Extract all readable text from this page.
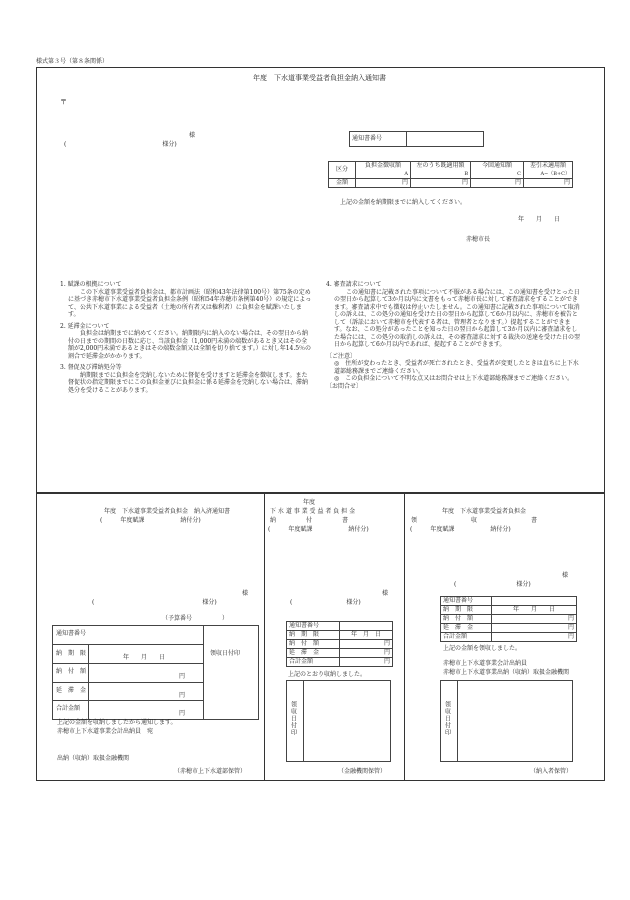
様式第３号（第８条関係）
年度　下水道事業受益者負担金納入通知書
〒
様
(　　　　　　　　　　　　　　　　様分)
通知書番号	
区分	負担金徴収額	左のうち既適用額	今回通知額	差引未適用額
	A	B	C	A−（B+C）
金額	円	円	円	円
上記の金額を納期限までに納入してください。
年　　月　　日
赤穂市長

1. 賦課の根拠について

この下水道事業受益者負担金は、都市計画法（昭和43年法律第100号）第75条の定めに基づき赤穂市下水道事業受益者負担金条例（昭和54年赤穂市条例第40号）の規定によって、公共下水道事業による受益者（土地の所有者又は権利者）に負担金を賦課いたします。

2. 延滞金について

負担金は納期までに納めてください。納期限内に納入のない場合は、その翌日から納付の日までの期間の日数に応じ、当該負担金（1,000円未満の端数があるとき又はその全額が2,000円未満であるときはその端数金額又は全額を切り捨てます。）に対し年14.5％の割合で延滞金がかかります。

3. 督促及び滞納処分等

納期限までに負担金を完納しないために督促を受けますと延滞金を徴収します。また督促状の指定期限までにこの負担金並びに負担金に係る延滞金を完納しない場合は、滞納処分を受けることがあります。

4. 審査請求について

この通知書に記載された事項について不服がある場合には、この通知書を受けとった日の翌日から起算して3か月以内に文書をもって赤穂市長に対して審査請求をすることができます。審査請求中でも徴収は停止いたしません。この通知書に記載された事項について取消しの訴えは、この処分の通知を受けた日の翌日から起算して6か月以内に、赤穂市を被告として（訴訟において赤穂市を代表する者は、管理者となります。）提起することができます。なお、この処分があったことを知った日の翌日から起算して3か月以内に審査請求をした場合には、この処分の取消しの訴えは、その審査請求に対する裁決の送達を受けた日の翌日から起算して6か月以内であれば、提起することができます。

〔ご注意〕

◎　住所が変わったとき、受益者が死亡されたとき、受益者が変更したときは直ちに上下水道部総務課までご連絡ください。

◎　この負担金について不明な点又はお問合せは上下水道部総務課までご連絡ください。

〔お問合せ〕

年度　下水道事業受益者負担金　納入済通知書
(　　　年度賦課　　　　　　納付分)
様
(　　　　　　　　　　　　　　　　　　様分)
（予算番号　　　　　）
通知書番号
納　期　限
年　　月　　日
納　付　額
円
延　滞　金
円
合計金額
円
領収日付印
上記の金額を収納しましたから通知します。
赤穂市上下水道事業会計出納員　宛
出納（収納）取扱金融機関
（赤穂市上下水道部保管）
年度
下 水 道 事 業 受 益 者 負 担 金
納　　　　　付　　　　　書
(　　　年度賦課　　　　　　納付分)
様
(　　　　　　　　　様分)
通知書番号	
納　期　限	年　月　日
納　付　額	円
延　滞　金	円
合計金額	円
上記のとおり収納しました。
領収日付印
（金融機関保管）
年度　下水道事業受益者負担金
領　　　　　　　　　収　　　　　　　　　書
(　　　年度賦課　　　　　　納付分)
様
(　　　　　　　　　　様分)
通知書番号	
納　期　限	年　　月　　日
納　付　額	円
延　滞　金	円
合計金額	円
上記の金額を領収しました。
赤穂市上下水道事業会計出納員
赤穂市上下水道事業出納（収納）取扱金融機関
領収日付印
（納入者保管）
